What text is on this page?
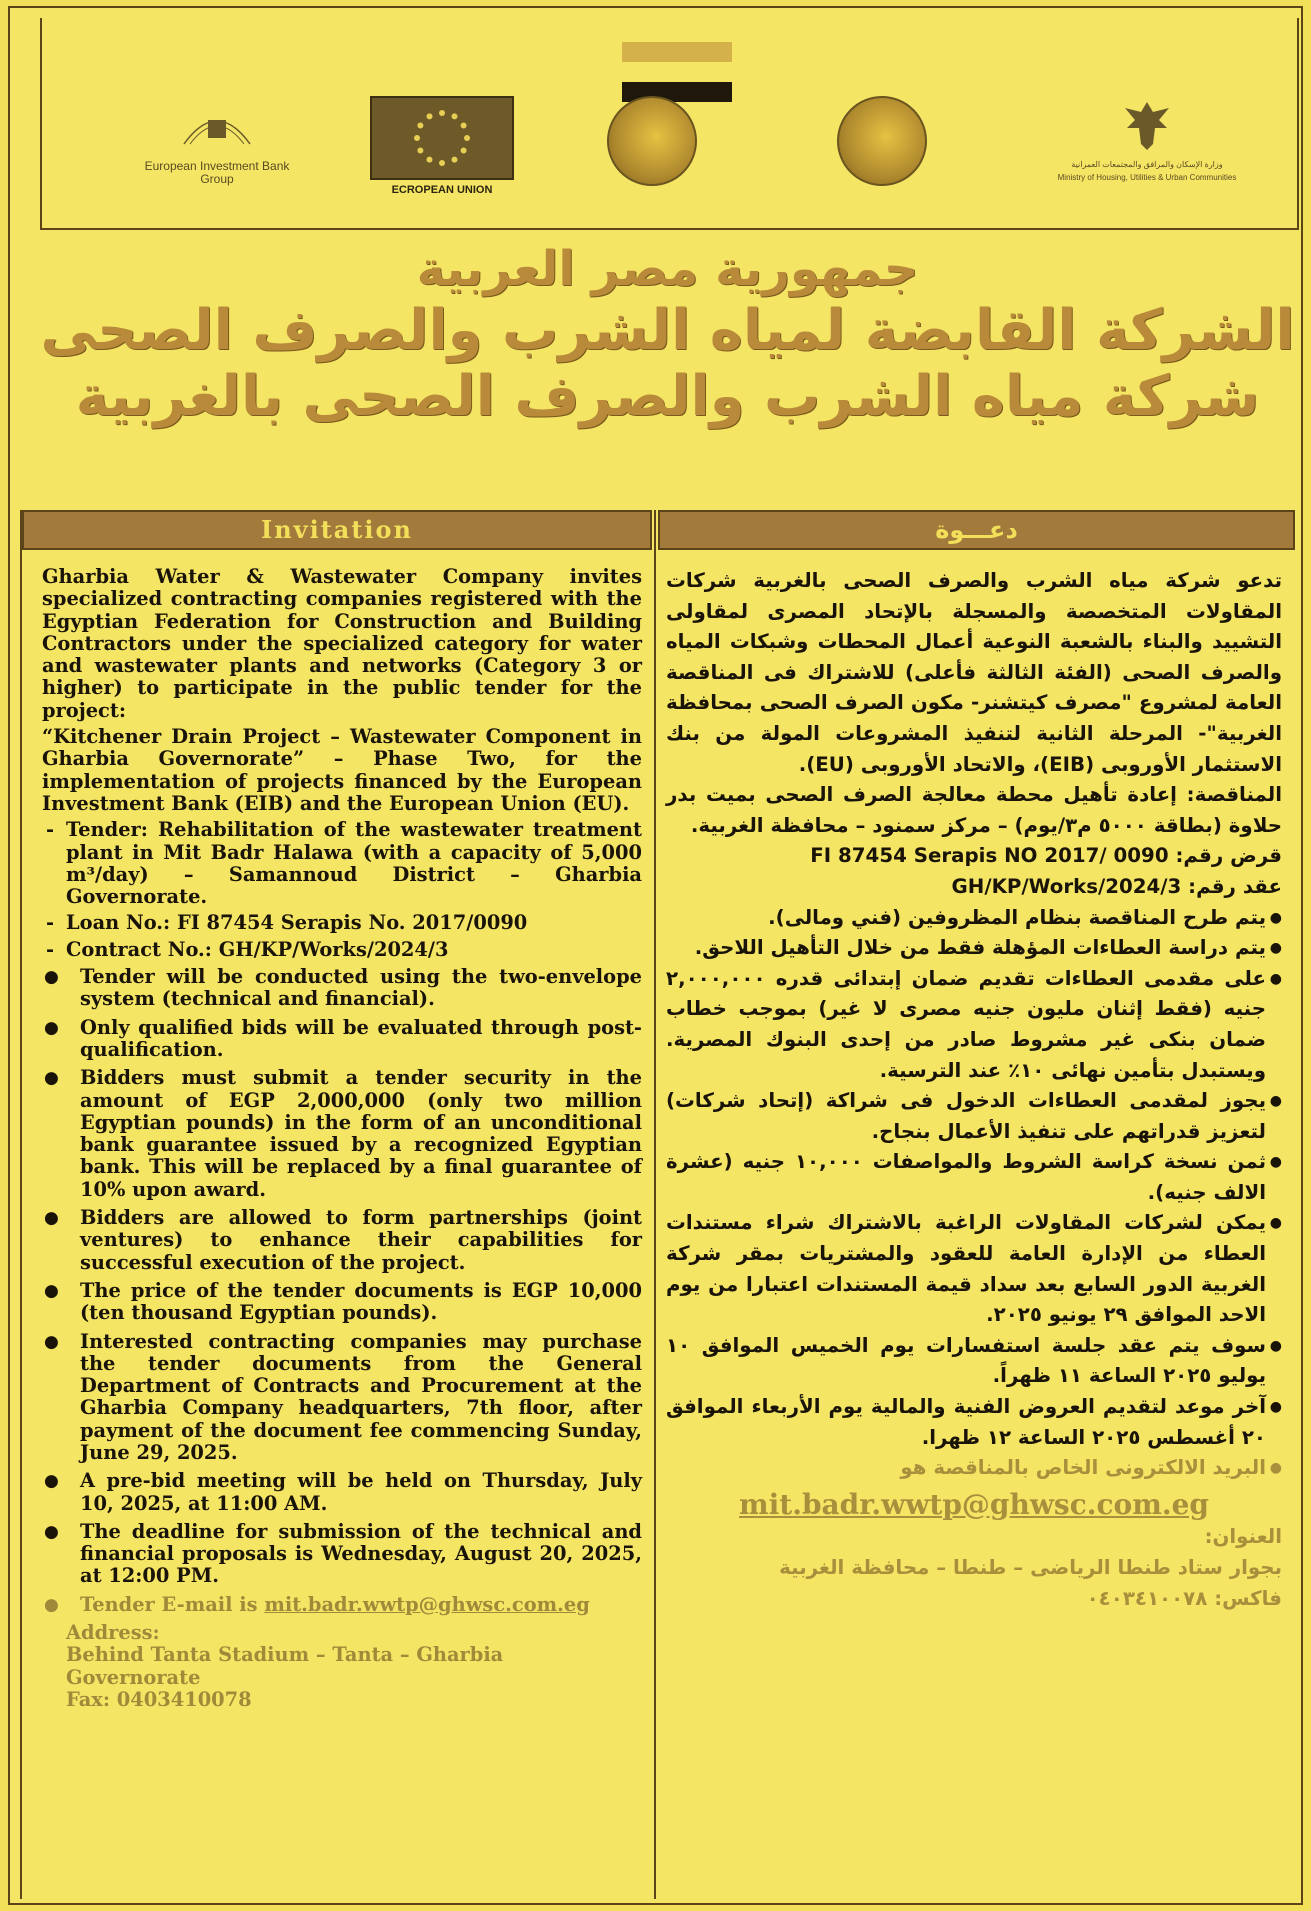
European Investment Bank
Group
ECROPEAN UNION
وزارة الإسكان والمرافق والمجتمعات العمرانية
Ministry of Housing, Utilities & Urban Communities
جمهورية مصر العربية
الشركة القابضة لمياه الشرب والصرف الصحى
شركة مياه الشرب والصرف الصحى بالغربية
Invitation	دعـــوة

Gharbia Water & Wastewater Company invites specialized contracting companies registered with the Egyptian Federation for Construction and Building Contractors under the specialized category for water and wastewater plants and networks (Category 3 or higher) to participate in the public tender for the project:

“Kitchener Drain Project – Wastewater Component in Gharbia Governorate” – Phase Two, for the implementation of projects financed by the European Investment Bank (EIB) and the European Union (EU).

- Tender: Rehabilitation of the wastewater treatment plant in Mit Badr Halawa (with a capacity of 5,000 m³/day) – Samannoud District – Gharbia Governorate.
- Loan No.: FI 87454 Serapis No. 2017/0090
- Contract No.: GH/KP/Works/2024/3
● Tender will be conducted using the two-envelope system (technical and financial).
● Only qualified bids will be evaluated through post-qualification.
● Bidders must submit a tender security in the amount of EGP 2,000,000 (only two million Egyptian pounds) in the form of an unconditional bank guarantee issued by a recognized Egyptian bank. This will be replaced by a final guarantee of 10% upon award.
● Bidders are allowed to form partnerships (joint ventures) to enhance their capabilities for successful execution of the project.
● The price of the tender documents is EGP 10,000 (ten thousand Egyptian pounds).
● Interested contracting companies may purchase the tender documents from the General Department of Contracts and Procurement at the Gharbia Company headquarters, 7th floor, after payment of the document fee commencing Sunday, June 29, 2025.
● A pre-bid meeting will be held on Thursday, July 10, 2025, at 11:00 AM.
● The deadline for submission of the technical and financial proposals is Wednesday, August 20, 2025, at 12:00 PM.
● Tender E-mail is mit.badr.wwtp@ghwsc.com.eg
Address:
Behind Tanta Stadium – Tanta – Gharbia Governorate
Fax: 0403410078

تدعو شركة مياه الشرب والصرف الصحى بالغربية شركات المقاولات المتخصصة والمسجلة بالإتحاد المصرى لمقاولى التشييد والبناء بالشعبة النوعية أعمال المحطات وشبكات المياه والصرف الصحى (الفئة الثالثة فأعلى) للاشتراك فى المناقصة العامة لمشروع "مصرف كيتشنر- مكون الصرف الصحى بمحافظة الغربية"- المرحلة الثانية لتنفيذ المشروعات المولة من بنك الاستثمار الأوروبى (EIB)، والاتحاد الأوروبى (EU).

المناقصة: إعادة تأهيل محطة معالجة الصرف الصحى بميت بدر حلاوة (بطاقة ٥٠٠٠ م٣/يوم) – مركز سمنود – محافظة الغربية.

قرض رقم: FI 87454 Serapis NO 2017/ 0090

عقد رقم: GH/KP/Works/2024/3

● يتم طرح المناقصة بنظام المظروفين (فني ومالى).
● يتم دراسة العطاءات المؤهلة فقط من خلال التأهيل اللاحق.
● على مقدمى العطاءات تقديم ضمان إبتدائى قدره ٢,٠٠٠,٠٠٠ جنيه (فقط إثنان مليون جنيه مصرى لا غير) بموجب خطاب ضمان بنكى غير مشروط صادر من إحدى البنوك المصرية. ويستبدل بتأمين نهائى ١٠٪ عند الترسية.
● يجوز لمقدمى العطاءات الدخول فى شراكة (إتحاد شركات) لتعزيز قدراتهم على تنفيذ الأعمال بنجاح.
● ثمن نسخة كراسة الشروط والمواصفات ١٠,٠٠٠ جنيه (عشرة الالف جنيه).
● يمكن لشركات المقاولات الراغبة بالاشتراك شراء مستندات العطاء من الإدارة العامة للعقود والمشتريات بمقر شركة الغربية الدور السابع بعد سداد قيمة المستندات اعتبارا من يوم الاحد الموافق ٢٩ يونيو ٢٠٢٥.
● سوف يتم عقد جلسة استفسارات يوم الخميس الموافق ١٠ يوليو ٢٠٢٥ الساعة ١١ ظهراً.
● آخر موعد لتقديم العروض الفنية والمالية يوم الأربعاء الموافق ٢٠ أغسطس ٢٠٢٥ الساعة ١٢ ظهرا.
● البريد الالكترونى الخاص بالمناقصة هو
mit.badr.wwtp@ghwsc.com.eg

العنوان:

بجوار ستاد طنطا الرياضى – طنطا – محافظة الغربية

فاكس: ٠٤٠٣٤١٠٠٧٨
